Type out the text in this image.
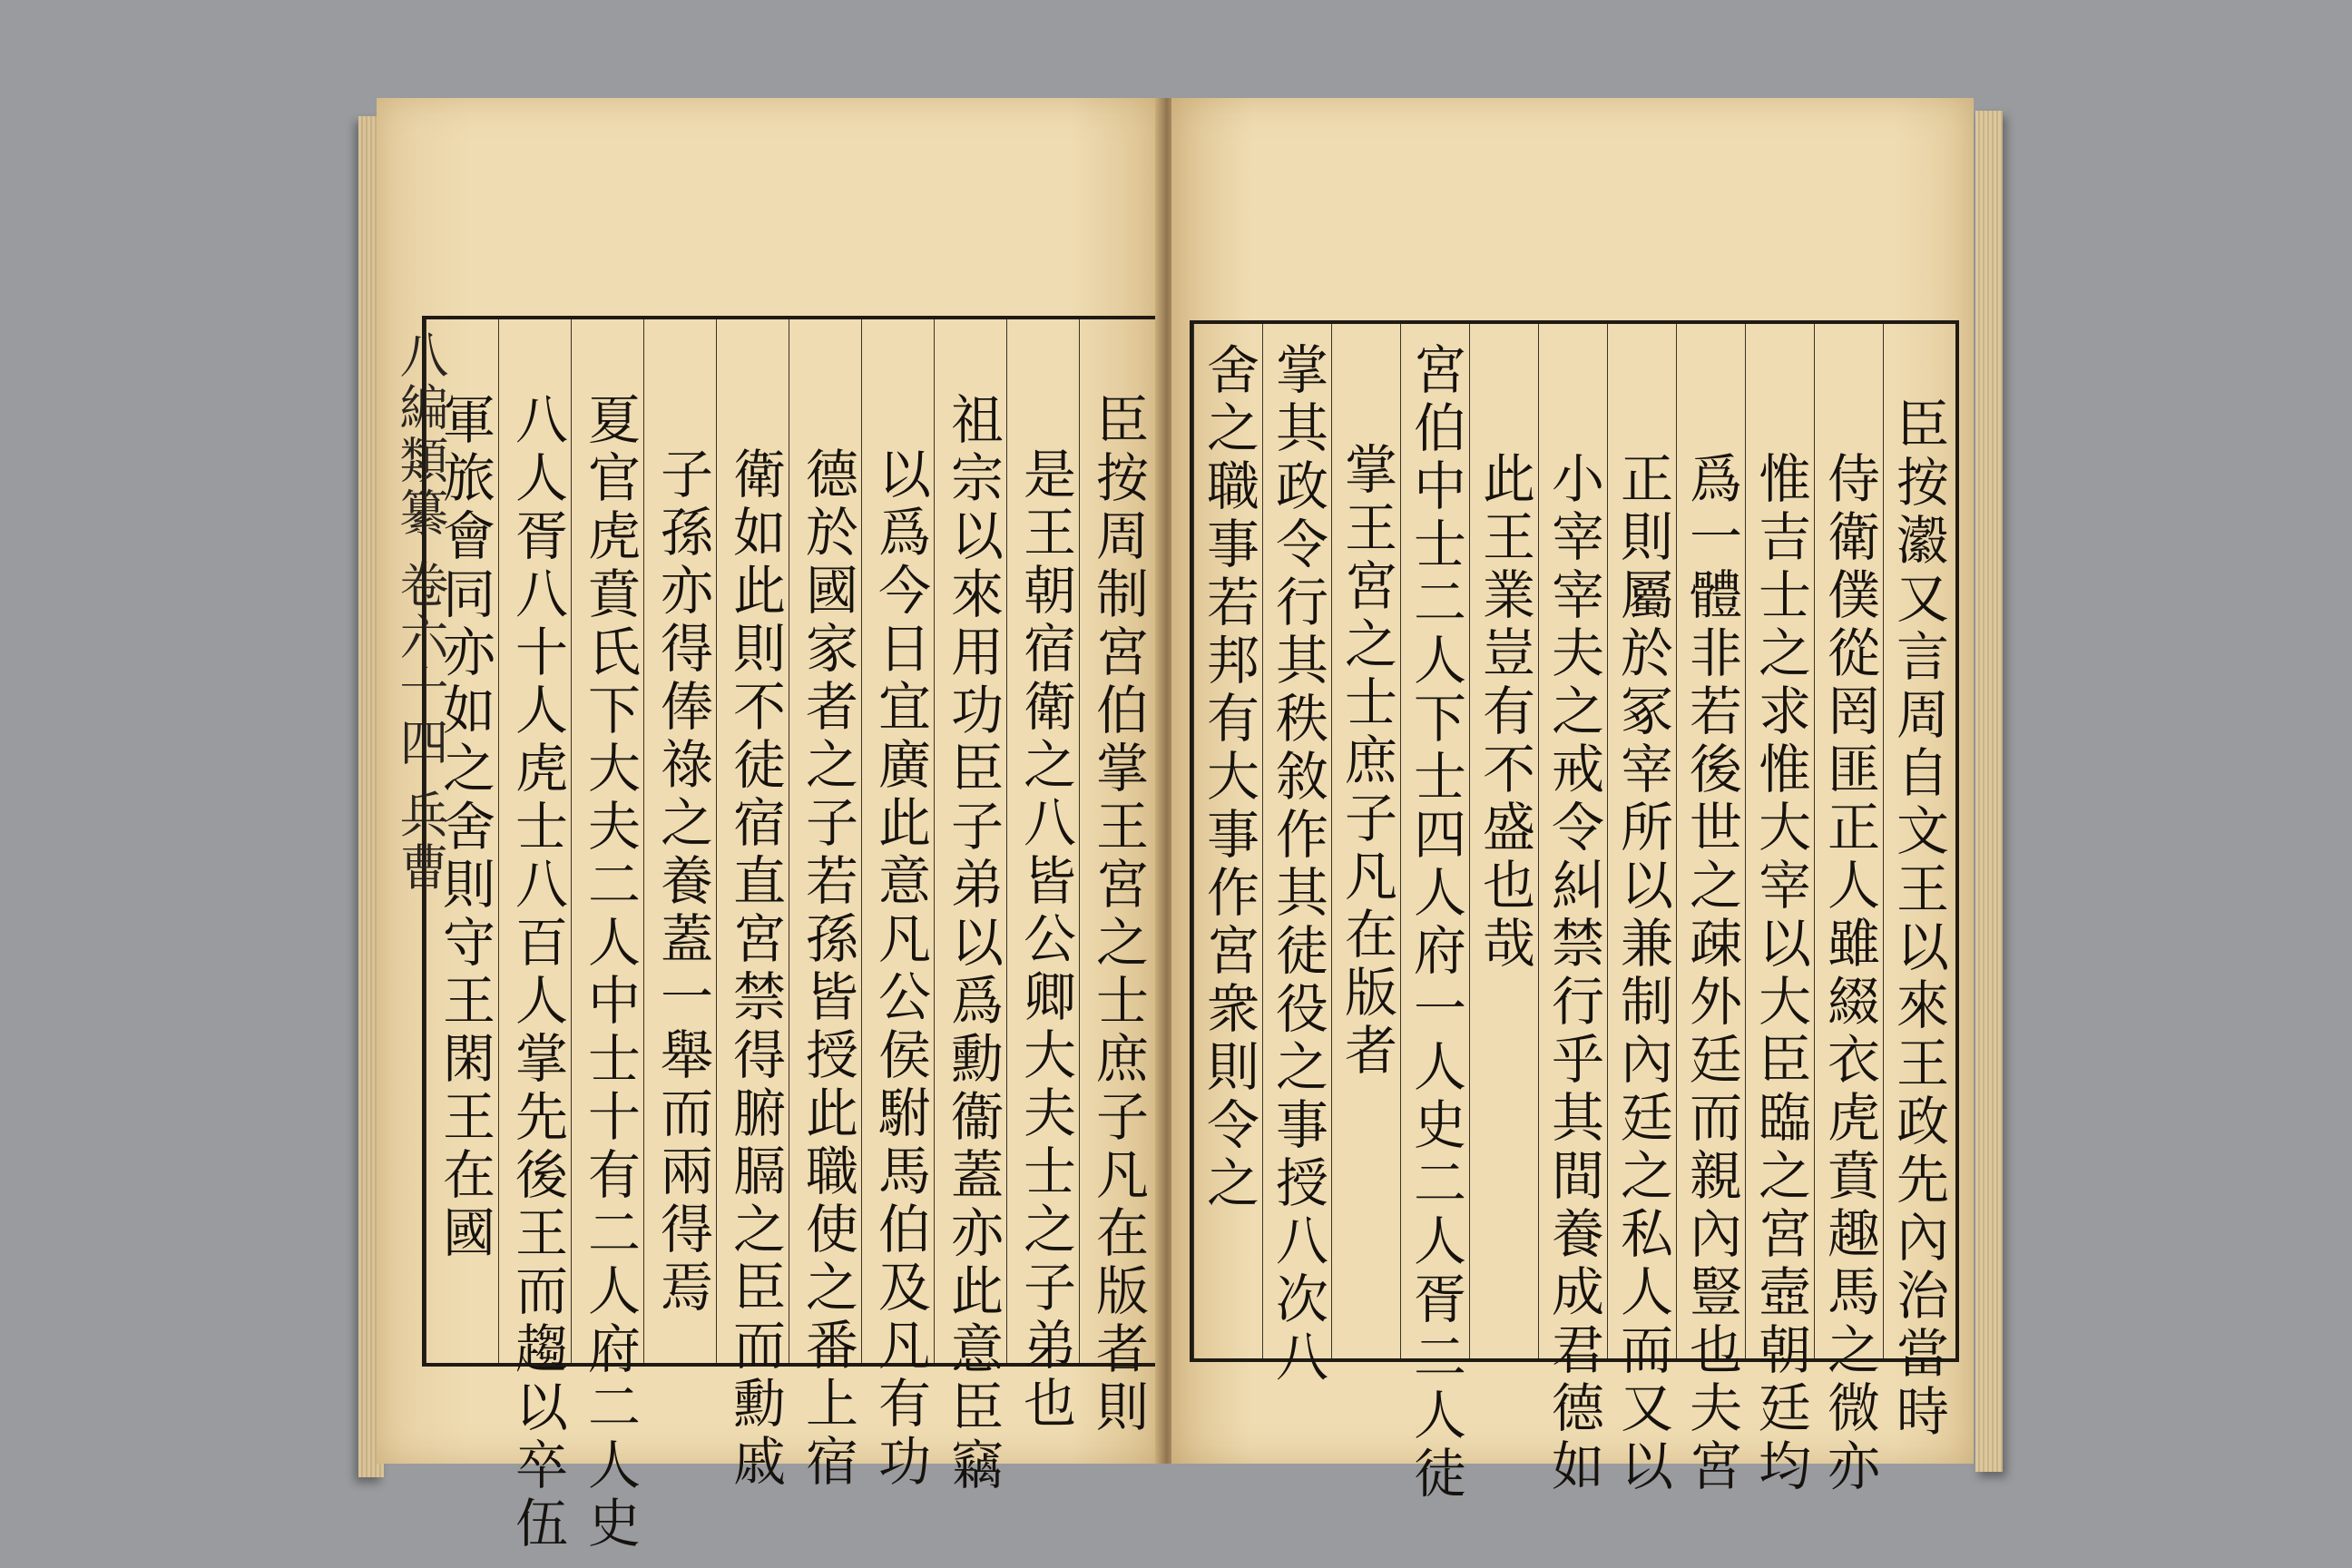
八編類纂 卷六十四 兵曹	臣按周制宮伯掌王宮之士庶子凡在版者則
是王朝宿衛之八皆公卿大夫士之子弟也
祖宗以來用功臣子弟以爲勳衞蓋亦此意臣竊
以爲今日宜廣此意凡公侯駙馬伯及凡有功
德於國家者之子若孫皆授此職使之番上宿
衛如此則不徒宿直宮禁得腑膈之臣而勳戚
子孫亦得俸祿之養蓋一舉而兩得焉
夏官虎賁氏下大夫二人中士十有二人府二人史
八人胥八十人虎士八百人掌先後王而趨以卒伍
軍旅會同亦如之舍則守王閑王在國	臣按瀫又言周自文王以來王政先內治當時
侍衛僕從罔匪正人雖綴衣虎賁趣馬之微亦
惟吉士之求惟大宰以大臣臨之宮壼朝廷均
爲一體非若後世之疎外廷而親內豎也夫宮
正則屬於冢宰所以兼制內廷之私人而又以
小宰宰夫之戒令糾禁行乎其間養成君德如
此王業豈有不盛也哉
宮伯中士二人下士四人府一人史二人胥二人徒
掌王宮之士庶子凡在版者
掌其政令行其秩敘作其徒役之事授八次八
舍之職事若邦有大事作宮衆則令之
